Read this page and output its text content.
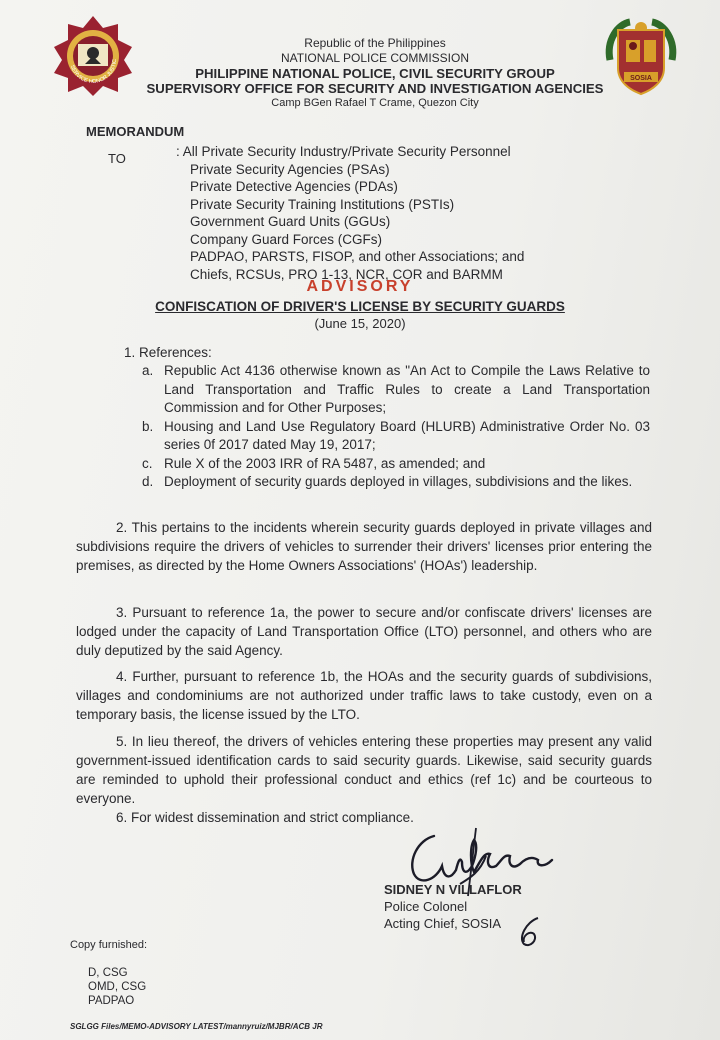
SERVICE HONOR JUSTIC
SOSIA
Republic of the Philippines
NATIONAL POLICE COMMISSION
PHILIPPINE NATIONAL POLICE, CIVIL SECURITY GROUP
SUPERVISORY OFFICE FOR SECURITY AND INVESTIGATION AGENCIES
Camp BGen Rafael T Crame, Quezon City
MEMORANDUM
TO	: All Private Security Industry/Private Security Personnel
Private Security Agencies (PSAs)
Private Detective Agencies (PDAs)
Private Security Training Institutions (PSTIs)
Government Guard Units (GGUs)
Company Guard Forces (CGFs)
PADPAO, PARSTS, FISOP, and other Associations; and
Chiefs, RCSUs, PRO 1-13, NCR, COR and BARMM
ADVISORY
CONFISCATION OF DRIVER'S LICENSE BY SECURITY GUARDS
(June 15, 2020)
1. References:
a. Republic Act 4136 otherwise known as "An Act to Compile the Laws Relative to Land Transportation and Traffic Rules to create a Land Transportation Commission and for Other Purposes;
b. Housing and Land Use Regulatory Board (HLURB) Administrative Order No. 03 series 0f 2017 dated May 19, 2017;
c. Rule X of the 2003 IRR of RA 5487, as amended; and
d. Deployment of security guards deployed in villages, subdivisions and the likes.
2. This pertains to the incidents wherein security guards deployed in private villages and subdivisions require the drivers of vehicles to surrender their drivers' licenses prior entering the premises, as directed by the Home Owners Associations' (HOAs') leadership.
3. Pursuant to reference 1a, the power to secure and/or confiscate drivers' licenses are lodged under the capacity of Land Transportation Office (LTO) personnel, and others who are duly deputized by the said Agency.
4. Further, pursuant to reference 1b, the HOAs and the security guards of subdivisions, villages and condominiums are not authorized under traffic laws to take custody, even on a temporary basis, the license issued by the LTO.
5. In lieu thereof, the drivers of vehicles entering these properties may present any valid government-issued identification cards to said security guards. Likewise, said security guards are reminded to uphold their professional conduct and ethics (ref 1c) and be courteous to everyone.
6. For widest dissemination and strict compliance.
SIDNEY N VILLAFLOR
Police Colonel
Acting Chief, SOSIA
Copy furnished:
D, CSG
OMD, CSG
PADPAO
SGLGG Files/MEMO-ADVISORY LATEST/mannyruiz/MJBR/ACB JR
